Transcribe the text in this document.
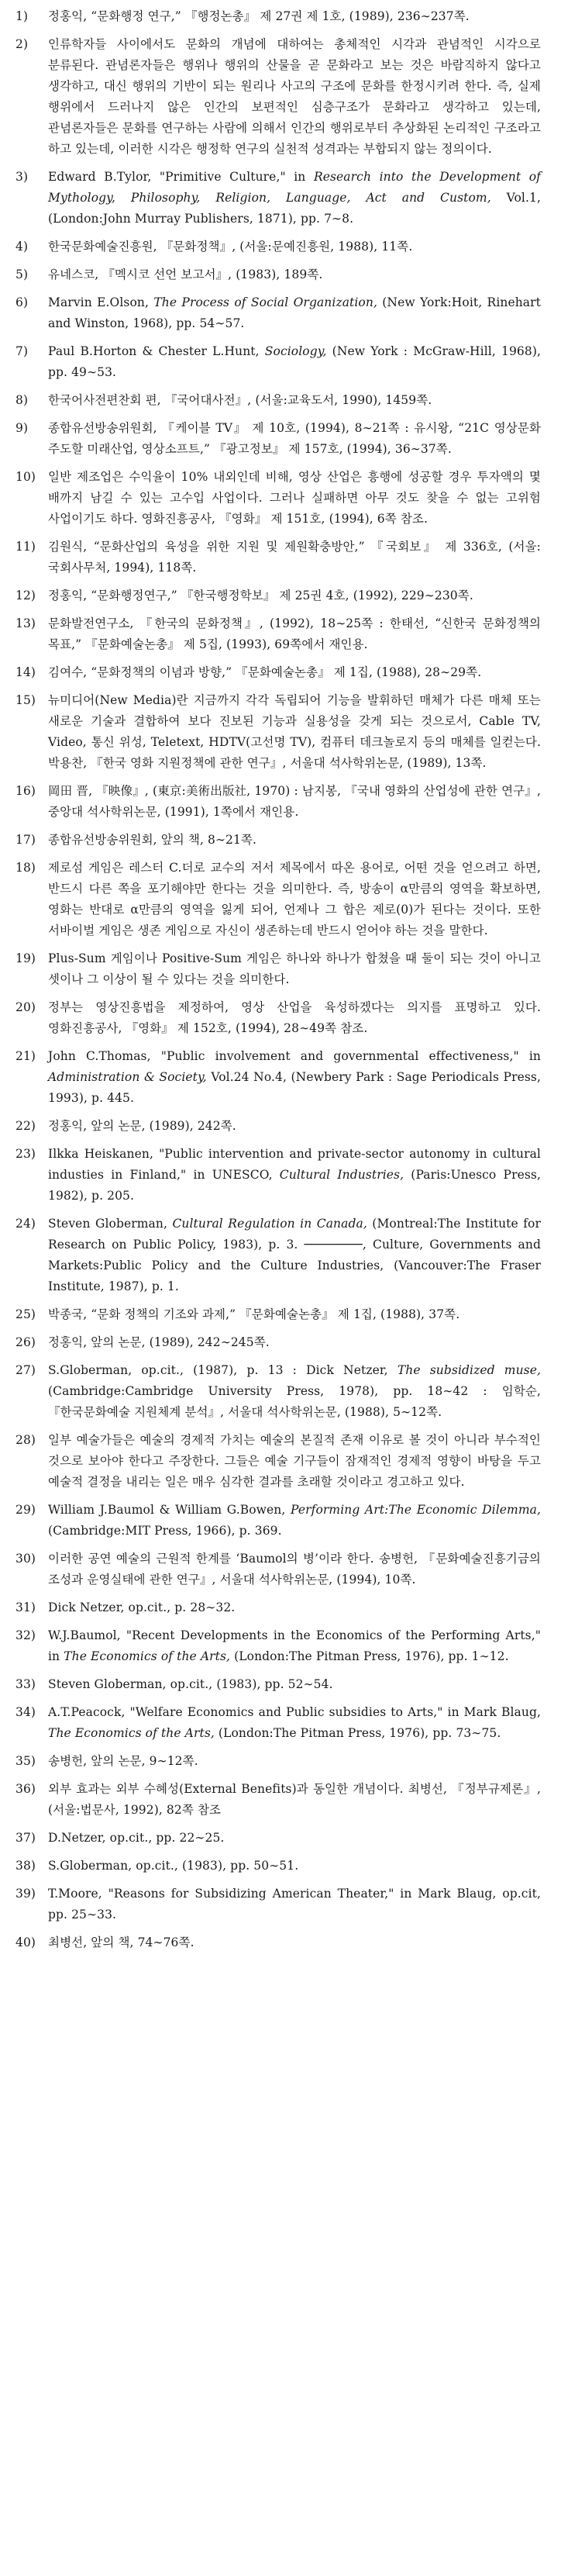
1)	정홍익, “문화행정 연구,” 『행정논총』 제 27권 제 1호, (1989), 236∼237쪽.
2)	인류학자들 사이에서도 문화의 개념에 대하여는 총체적인 시각과 관념적인 시각으로 분류된다. 관념론자들은 행위나 행위의 산물을 곧 문화라고 보는 것은 바람직하지 않다고 생각하고, 대신 행위의 기반이 되는 원리나 사고의 구조에 문화를 한정시키려 한다. 즉, 실제 행위에서 드러나지 않은 인간의 보편적인 심층구조가 문화라고 생각하고 있는데, 관념론자들은 문화를 연구하는 사람에 의해서 인간의 행위로부터 추상화된 논리적인 구조라고 하고 있는데, 이러한 시각은 행정학 연구의 실천적 성격과는 부합되지 않는 정의이다.
3)	Edward B.Tylor, "Primitive Culture," in Research into the Development of Mythology, Philosophy, Religion, Language, Act and Custom, Vol.1, (London:John Murray Publishers, 1871), pp. 7∼8.
4)	한국문화예술진흥원, 『문화정책』, (서울:문예진흥원, 1988), 11쪽.
5)	유네스코, 『멕시코 선언 보고서』, (1983), 189쪽.
6)	Marvin E.Olson, The Process of Social Organization, (New York:Hoit, Rinehart and Winston, 1968), pp. 54∼57.
7)	Paul B.Horton & Chester L.Hunt, Sociology, (New York : McGraw-Hill, 1968), pp. 49∼53.
8)	한국어사전편찬회 편, 『국어대사전』, (서울:교육도서, 1990), 1459쪽.
9)	종합유선방송위원회, 『케이블 TV』 제 10호, (1994), 8∼21쪽 : 유시왕, “21C 영상문화 주도할 미래산업, 영상소프트,” 『광고정보』 제 157호, (1994), 36∼37쪽.
10)	일반 제조업은 수익율이 10% 내외인데 비해, 영상 산업은 흥행에 성공할 경우 투자액의 몇 배까지 남길 수 있는 고수입 사업이다. 그러나 실패하면 아무 것도 찾을 수 없는 고위험 사업이기도 하다. 영화진흥공사, 『영화』 제 151호, (1994), 6쪽 참조.
11)	김원식, “문화산업의 육성을 위한 지원 및 제원확충방안,” 『국회보』 제 336호, (서울:국회사무처, 1994), 118쪽.
12)	정홍익, “문화행정연구,” 『한국행정학보』 제 25권 4호, (1992), 229∼230쪽.
13)	문화발전연구소, 『한국의 문화정책』, (1992), 18∼25쪽 : 한태선, “신한국 문화정책의 목표,” 『문화예술논총』 제 5집, (1993), 69쪽에서 재인용.
14)	김여수, “문화정책의 이념과 방향,” 『문화예술논총』 제 1집, (1988), 28∼29쪽.
15)	뉴미디어(New Media)란 지금까지 각각 독립되어 기능을 발휘하던 매체가 다른 매체 또는 새로운 기술과 결합하여 보다 진보된 기능과 실용성을 갖게 되는 것으로서, Cable TV, Video, 통신 위성, Teletext, HDTV(고선명 TV), 컴퓨터 데크놀로지 등의 매체를 일컫는다. 박용찬, 『한국 영화 지원정책에 관한 연구』, 서울대 석사학위논문, (1989), 13쪽.
16)	岡田 晋, 『映像』, (東京:美術出版社, 1970) : 남지봉, 『국내 영화의 산업성에 관한 연구』, 중앙대 석사학위논문, (1991), 1쪽에서 재인용.
17)	종합유선방송위원회, 앞의 책, 8∼21쪽.
18)	제로섬 게임은 레스터 C.더로 교수의 저서 제목에서 따온 용어로, 어떤 것을 얻으려고 하면, 반드시 다른 쪽을 포기해야만 한다는 것을 의미한다. 즉, 방송이 α만큼의 영역을 확보하면, 영화는 반대로 α만큼의 영역을 잃게 되어, 언제나 그 합은 제로(0)가 된다는 것이다. 또한 서바이벌 게임은 생존 게임으로 자신이 생존하는데 반드시 얻어야 하는 것을 말한다.
19)	Plus-Sum 게임이나 Positive-Sum 게임은 하나와 하나가 합쳤을 때 둘이 되는 것이 아니고 셋이나 그 이상이 될 수 있다는 것을 의미한다.
20)	정부는 영상진흥법을 제정하여, 영상 산업을 육성하겠다는 의지를 표명하고 있다. 영화진흥공사, 『영화』 제 152호, (1994), 28∼49쪽 참조.
21)	John C.Thomas, "Public involvement and governmental effectiveness," in Administration & Society, Vol.24 No.4, (Newbery Park : Sage Periodicals Press, 1993), p. 445.
22)	정홍익, 앞의 논문, (1989), 242쪽.
23)	Ilkka Heiskanen, "Public intervention and private-sector autonomy in cultural industies in Finland," in UNESCO, Cultural Industries, (Paris:Unesco Press, 1982), p. 205.
24)	Steven Globerman, Cultural Regulation in Canada, (Montreal:The Institute for Research on Public Policy, 1983), p. 3. ────────, Culture, Governments and Markets:Public Policy and the Culture Industries, (Vancouver:The Fraser Institute, 1987), p. 1.
25)	박종국, “문화 정책의 기조와 과제,” 『문화예술논총』 제 1집, (1988), 37쪽.
26)	정홍익, 앞의 논문, (1989), 242∼245쪽.
27)	S.Globerman, op.cit., (1987), p. 13 : Dick Netzer, The subsidized muse, (Cambridge:Cambridge University Press, 1978), pp. 18∼42 : 임학순, 『한국문화예술 지원체계 분석』, 서울대 석사학위논문, (1988), 5∼12쪽.
28)	일부 예술가들은 예술의 경제적 가치는 예술의 본질적 존재 이유로 볼 것이 아니라 부수적인 것으로 보아야 한다고 주장한다. 그들은 예술 기구들이 잠재적인 경제적 영향이 바탕을 두고 예술적 결정을 내리는 일은 매우 심각한 결과를 초래할 것이라고 경고하고 있다.
29)	William J.Baumol & William G.Bowen, Performing Art:The Economic Dilemma, (Cambridge:MIT Press, 1966), p. 369.
30)	이러한 공연 예술의 근원적 한계를 ‘Baumol의 병’이라 한다. 송병헌, 『문화예술진흥기금의 조성과 운영실태에 관한 연구』, 서울대 석사학위논문, (1994), 10쪽.
31)	Dick Netzer, op.cit., p. 28∼32.
32)	W.J.Baumol, "Recent Developments in the Economics of the Performing Arts," in The Economics of the Arts, (London:The Pitman Press, 1976), pp. 1∼12.
33)	Steven Globerman, op.cit., (1983), pp. 52∼54.
34)	A.T.Peacock, "Welfare Economics and Public subsidies to Arts," in Mark Blaug, The Economics of the Arts, (London:The Pitman Press, 1976), pp. 73∼75.
35)	송병헌, 앞의 논문, 9∼12쪽.
36)	외부 효과는 외부 수혜성(External Benefits)과 동일한 개념이다. 최병선, 『정부규제론』, (서울:법문사, 1992), 82쪽 참조
37)	D.Netzer, op.cit., pp. 22∼25.
38)	S.Globerman, op.cit., (1983), pp. 50∼51.
39)	T.Moore, "Reasons for Subsidizing American Theater," in Mark Blaug, op.cit, pp. 25∼33.
40)	최병선, 앞의 책, 74∼76쪽.
